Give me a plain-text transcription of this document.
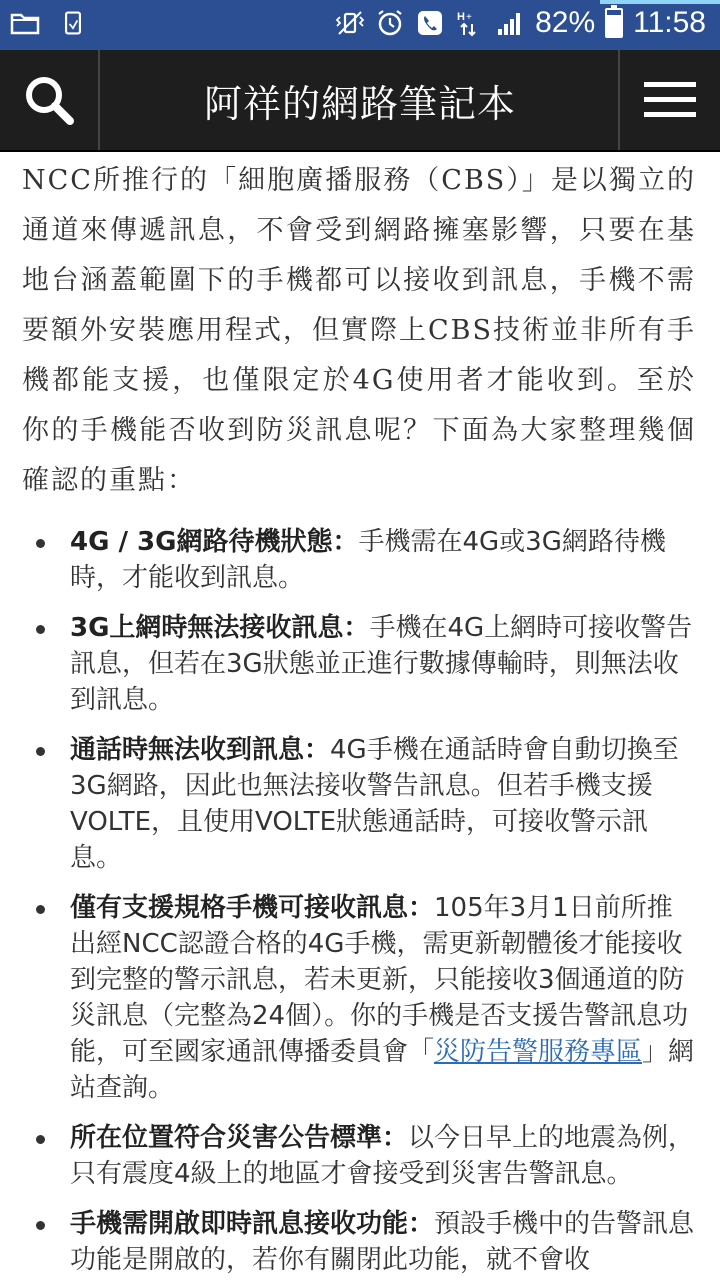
H + 82% 11:58
阿祥的網路筆記本

NCC所推行的「細胞廣播服務（CBS）」是以獨立的通道來傳遞訊息，不會受到網路擁塞影響，只要在基地台涵蓋範圍下的手機都可以接收到訊息，手機不需要額外安裝應用程式，但實際上CBS技術並非所有手機都能支援，也僅限定於4G使用者才能收到。至於你的手機能否收到防災訊息呢？下面為大家整理幾個確認的重點：

4G / 3G網路待機狀態：手機需在4G或3G網路待機時，才能收到訊息。
3G上網時無法接收訊息：手機在4G上網時可接收警告訊息，但若在3G狀態並正進行數據傳輸時，則無法收到訊息。
通話時無法收到訊息：4G手機在通話時會自動切換至3G網路，因此也無法接收警告訊息。但若手機支援VOLTE，且使用VOLTE狀態通話時，可接收警示訊息。
僅有支援規格手機可接收訊息：105年3月1日前所推出經NCC認證合格的4G手機，需更新韌體後才能接收到完整的警示訊息，若未更新，只能接收3個通道的防災訊息（完整為24個）。你的手機是否支援告警訊息功能，可至國家通訊傳播委員會「災防告警服務專區」網站查詢。
所在位置符合災害公告標準：以今日早上的地震為例，只有震度4級上的地區才會接受到災害告警訊息。
手機需開啟即時訊息接收功能：預設手機中的告警訊息功能是開啟的，若你有關閉此功能，就不會收
